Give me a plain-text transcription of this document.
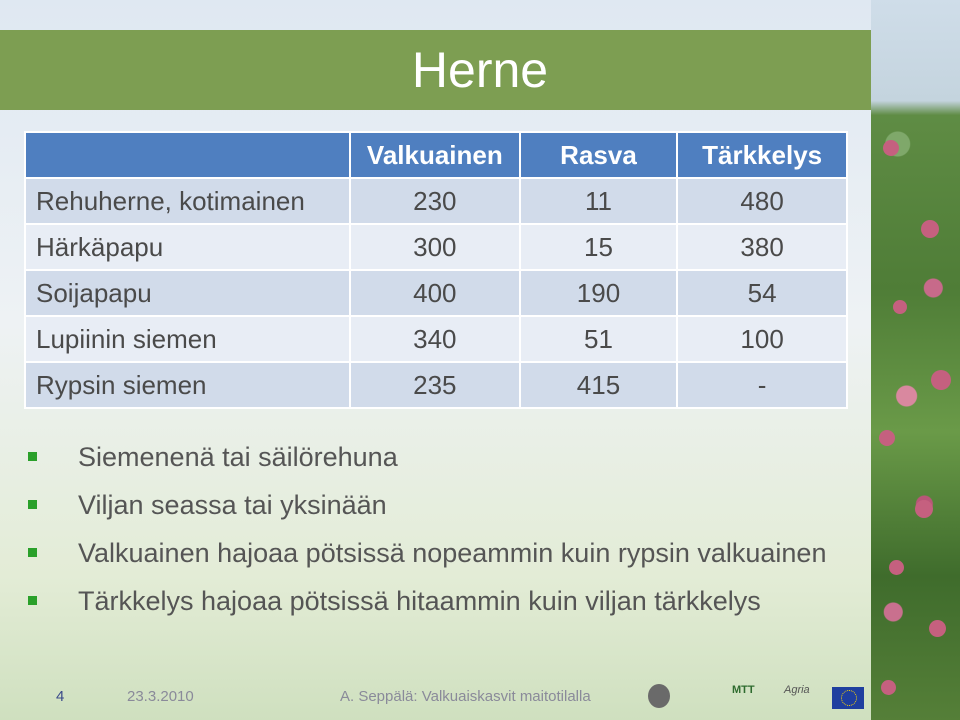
Herne
	Valkuainen	Rasva	Tärkkelys
Rehuherne, kotimainen	230	11	480
Härkäpapu	300	15	380
Soijapapu	400	190	54
Lupiinin siemen	340	51	100
Rypsin siemen	235	415	-
Siemenenä tai säilörehuna
Viljan seassa tai yksinään
Valkuainen hajoaa pötsissä nopeammin kuin rypsin valkuainen
Tärkkelys hajoaa pötsissä hitaammin kuin viljan tärkkelys
4	23.3.2010	A. Seppälä: Valkuaiskasvit maitotilalla	MTT	Agria
